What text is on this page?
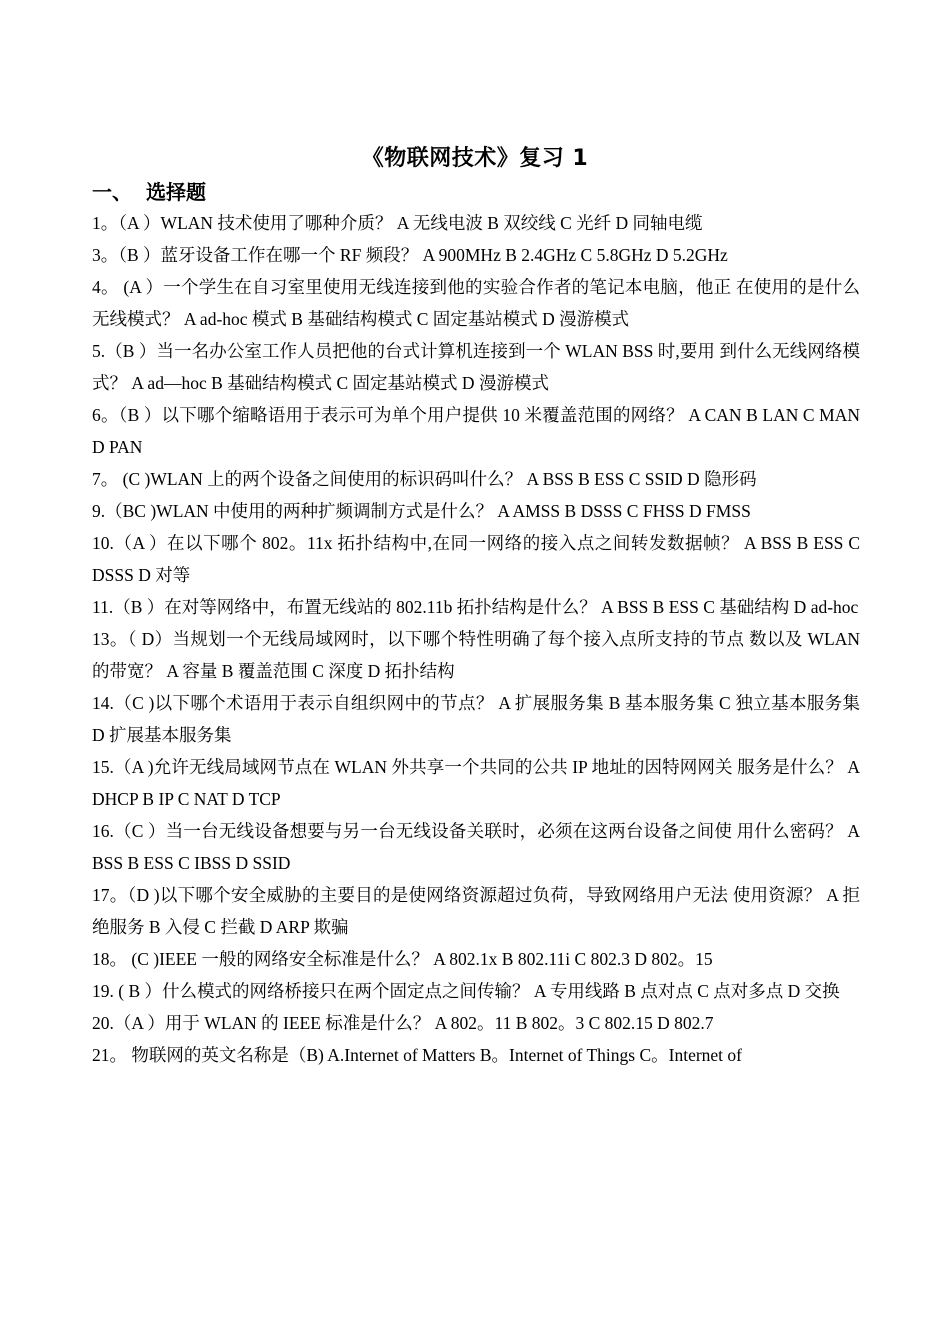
《物联网技术》复习 1
一、 选择题

1。（A ）WLAN 技术使用了哪种介质？ A 无线电波 B 双绞线 C 光纤 D 同轴电缆

3。（B ）蓝牙设备工作在哪一个 RF 频段？ A 900MHz B 2.4GHz C 5.8GHz D 5.2GHz

4。 (A ）一个学生在自习室里使用无线连接到他的实验合作者的笔记本电脑，他正 在使用的是什么无线模式？ A ad-hoc 模式 B 基础结构模式 C 固定基站模式 D 漫游模式

5.（B ）当一名办公室工作人员把他的台式计算机连接到一个 WLAN BSS 时,要用 到什么无线网络模式？ A ad—hoc B 基础结构模式 C 固定基站模式 D 漫游模式

6。（B ）以下哪个缩略语用于表示可为单个用户提供 10 米覆盖范围的网络？ A CAN B LAN C MAN D PAN

7。 (C )WLAN 上的两个设备之间使用的标识码叫什么？ A BSS B ESS C SSID D 隐形码

9.（BC )WLAN 中使用的两种扩频调制方式是什么？ A AMSS B DSSS C FHSS D FMSS

10.（A ）在以下哪个 802。11x 拓扑结构中,在同一网络的接入点之间转发数据帧？ A BSS B ESS C DSSS D 对等

11.（B ）在对等网络中，布置无线站的 802.11b 拓扑结构是什么？ A BSS B ESS C 基础结构 D ad-hoc

13。（ D）当规划一个无线局域网时，以下哪个特性明确了每个接入点所支持的节点 数以及 WLAN 的带宽？ A 容量 B 覆盖范围 C 深度 D 拓扑结构

14.（C )以下哪个术语用于表示自组织网中的节点？ A 扩展服务集 B 基本服务集 C 独立基本服务集 D 扩展基本服务集

15.（A )允许无线局域网节点在 WLAN 外共享一个共同的公共 IP 地址的因特网网关 服务是什么？ A DHCP B IP C NAT D TCP

16.（C ）当一台无线设备想要与另一台无线设备关联时，必须在这两台设备之间使 用什么密码？ A BSS B ESS C IBSS D SSID

17。（D )以下哪个安全威胁的主要目的是使网络资源超过负荷，导致网络用户无法 使用资源？ A 拒绝服务 B 入侵 C 拦截 D ARP 欺骗

18。 (C )IEEE 一般的网络安全标准是什么？ A 802.1x B 802.11i C 802.3 D 802。15

19. ( B ）什么模式的网络桥接只在两个固定点之间传输？ A 专用线路 B 点对点 C 点对多点 D 交换

20.（A ）用于 WLAN 的 IEEE 标准是什么？ A 802。11 B 802。3 C 802.15 D 802.7

21。 物联网的英文名称是（B) A.Internet of Matters B。Internet of Things C。Internet of
